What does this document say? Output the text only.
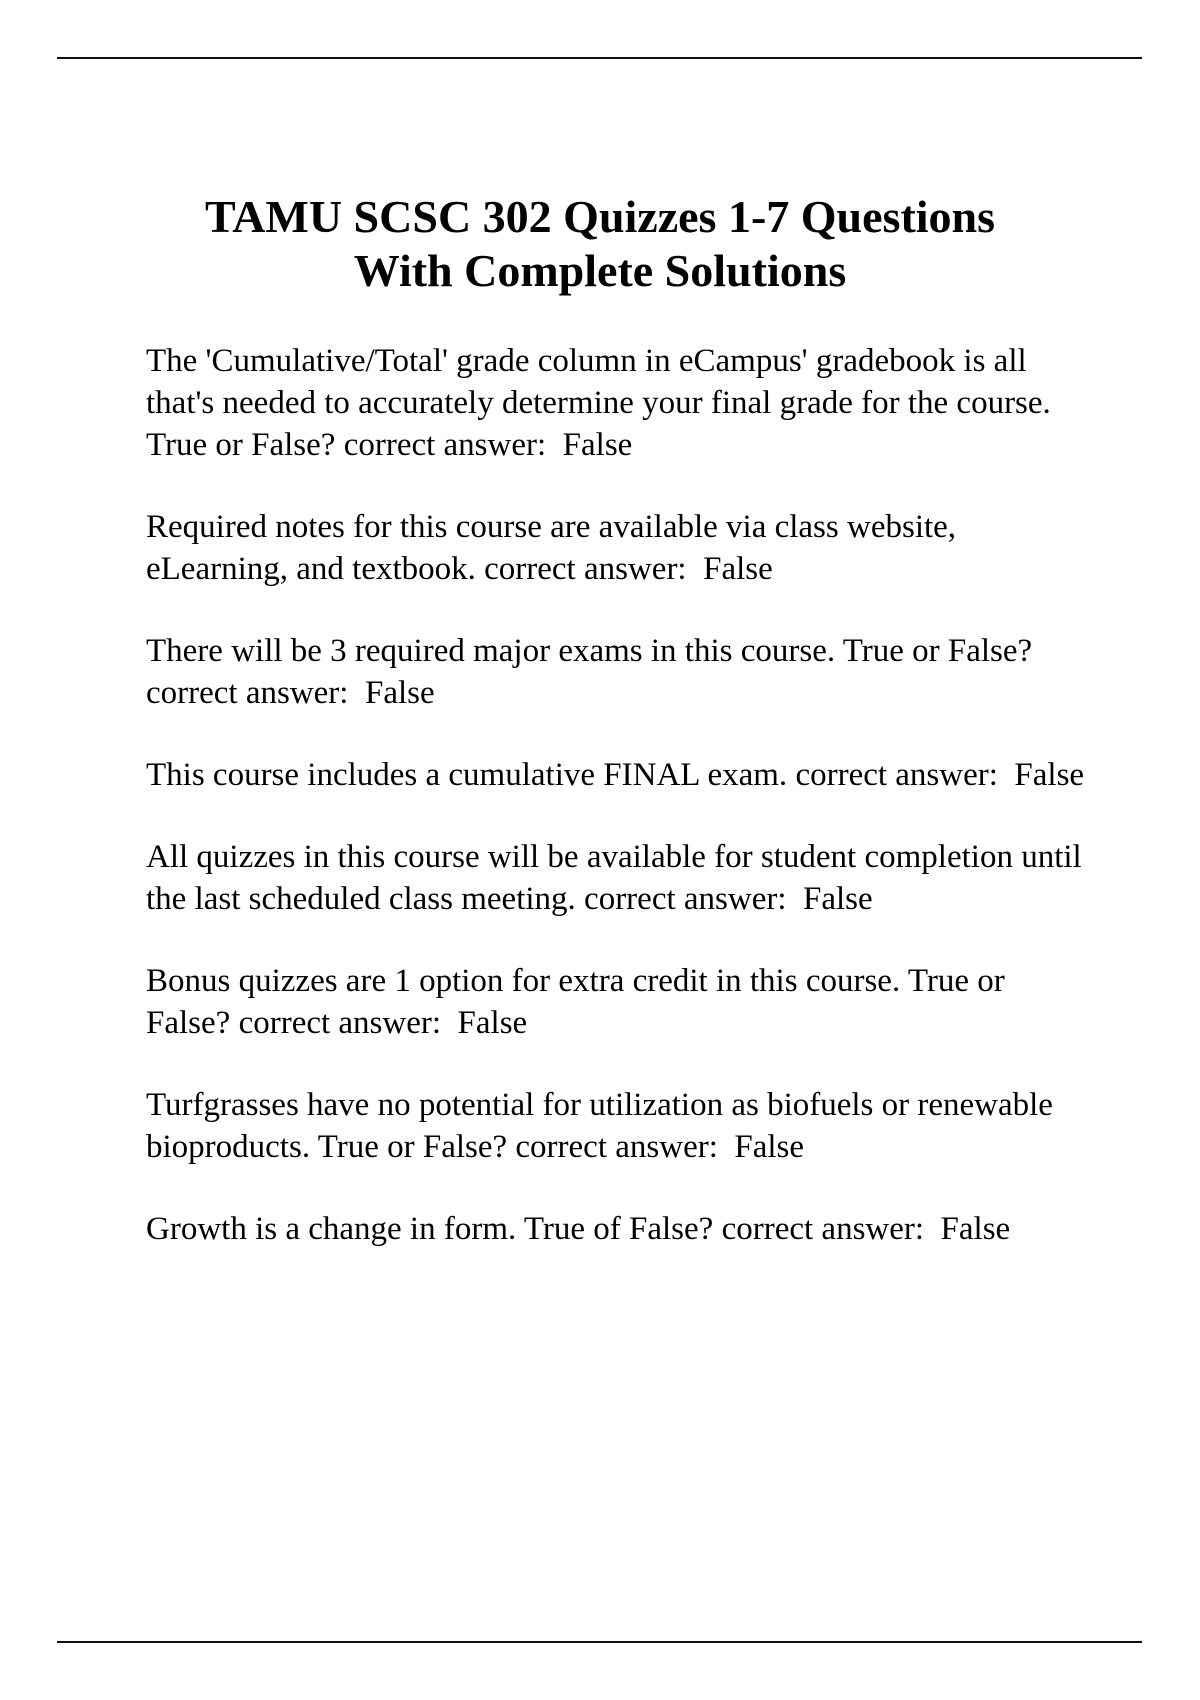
TAMU SCSC 302 Quizzes 1-7 Questions
With Complete Solutions

The 'Cumulative/Total' grade column in eCampus' gradebook is all that's needed to accurately determine your final grade for the course. True or False? correct answer: False

Required notes for this course are available via class website, eLearning, and textbook. correct answer: False

There will be 3 required major exams in this course. True or False? correct answer: False

This course includes a cumulative FINAL exam. correct answer: False

All quizzes in this course will be available for student completion until the last scheduled class meeting. correct answer: False

Bonus quizzes are 1 option for extra credit in this course. True or False? correct answer: False

Turfgrasses have no potential for utilization as biofuels or renewable bioproducts. True or False? correct answer: False

Growth is a change in form. True of False? correct answer: False
